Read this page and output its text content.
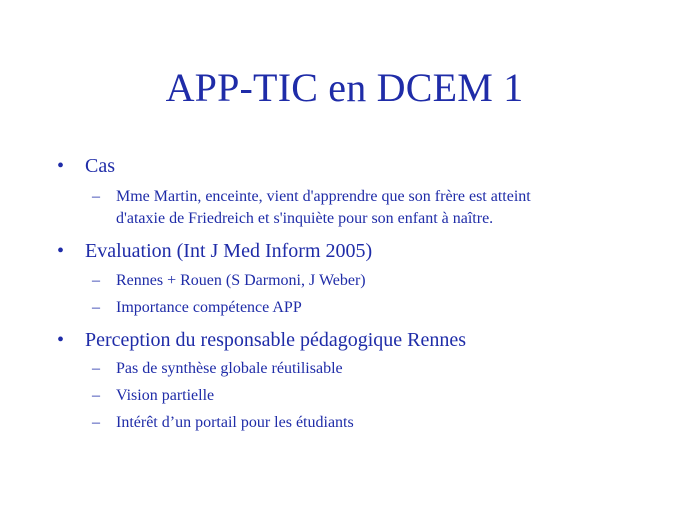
APP-TIC en DCEM 1
•	Cas
–	Mme Martin, enceinte, vient d'apprendre que son frère est atteint
d'ataxie de Friedreich et s'inquiète pour son enfant à naître.
•	Evaluation (Int J Med Inform 2005)
–	Rennes + Rouen (S Darmoni, J Weber)
–	Importance compétence APP
•	Perception du responsable pédagogique Rennes
–	Pas de synthèse globale réutilisable
–	Vision partielle
–	Intérêt d’un portail pour les étudiants
